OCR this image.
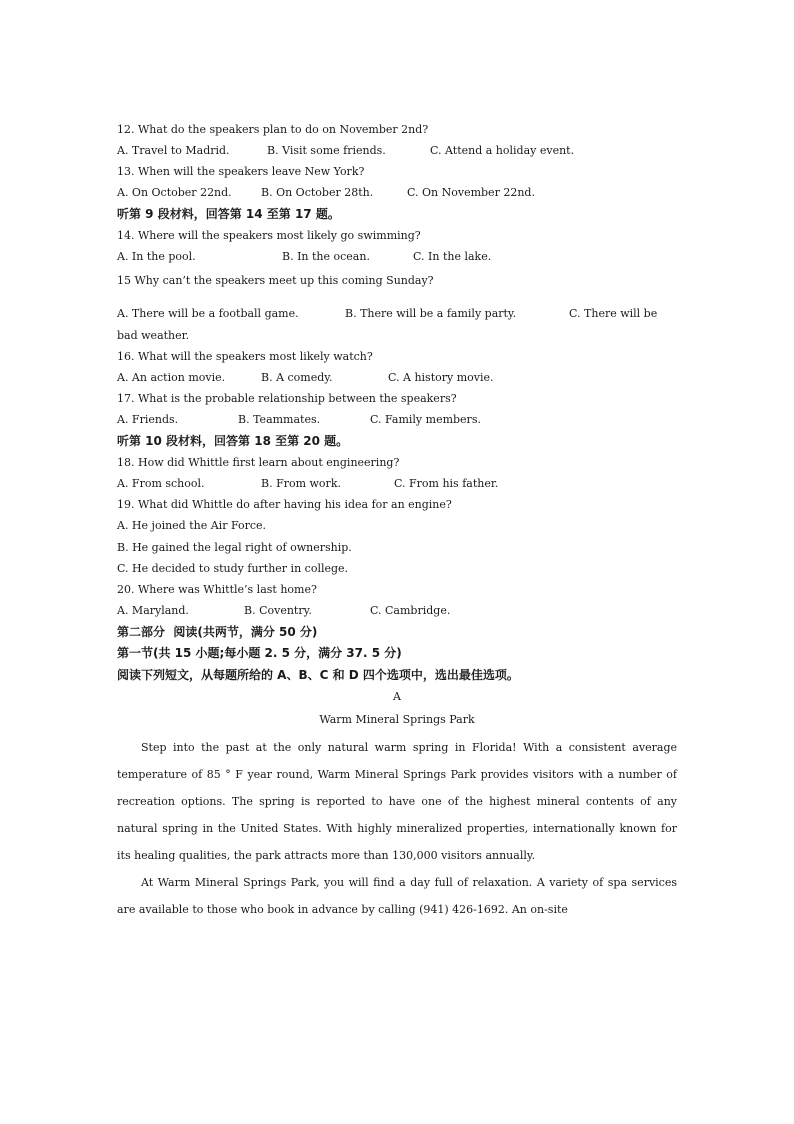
12. What do the speakers plan to do on November 2nd?
A. Travel to Madrid.	B. Visit some friends.	C. Attend a holiday event.
13. When will the speakers leave New York?
A. On October 22nd.	B. On October 28th.	C. On November 22nd.
听第 9 段材料，回答第 14 至第 17 题。
14. Where will the speakers most likely go swimming?
A. In the pool.	B. In the ocean.	C. In the lake.
15 Why can’t the speakers meet up this coming Sunday?
A. There will be a football game.	B. There will be a family party.	C. There will be
bad weather.
16. What will the speakers most likely watch?
A. An action movie.	B. A comedy.	C. A history movie.
17. What is the probable relationship between the speakers?
A. Friends.	B. Teammates.	C. Family members.
听第 10 段材料，回答第 18 至第 20 题。
18. How did Whittle first learn about engineering?
A. From school.	B. From work.	C. From his father.
19. What did Whittle do after having his idea for an engine?
A. He joined the Air Force.
B. He gained the legal right of ownership.
C. He decided to study further in college.
20. Where was Whittle’s last home?
A. Maryland.	B. Coventry.	C. Cambridge.
第二部分  阅读(共两节，满分 50 分)
第一节(共 15 小题;每小题 2. 5 分，满分 37. 5 分)
阅读下列短文，从每题所给的 A、B、C 和 D 四个选项中，选出最佳选项。
A
Warm Mineral Springs Park

Step into the past at the only natural warm spring in Florida! With a consistent average temperature of 85 ° F year round, Warm Mineral Springs Park provides visitors with a number of recreation options. The spring is reported to have one of the highest mineral contents of any natural spring in the United States. With highly mineralized properties, internationally known for its healing qualities, the park attracts more than 130,000 visitors annually.

At Warm Mineral Springs Park, you will find a day full of relaxation. A variety of spa services are available to those who book in advance by calling (941) 426-1692. An on-site
